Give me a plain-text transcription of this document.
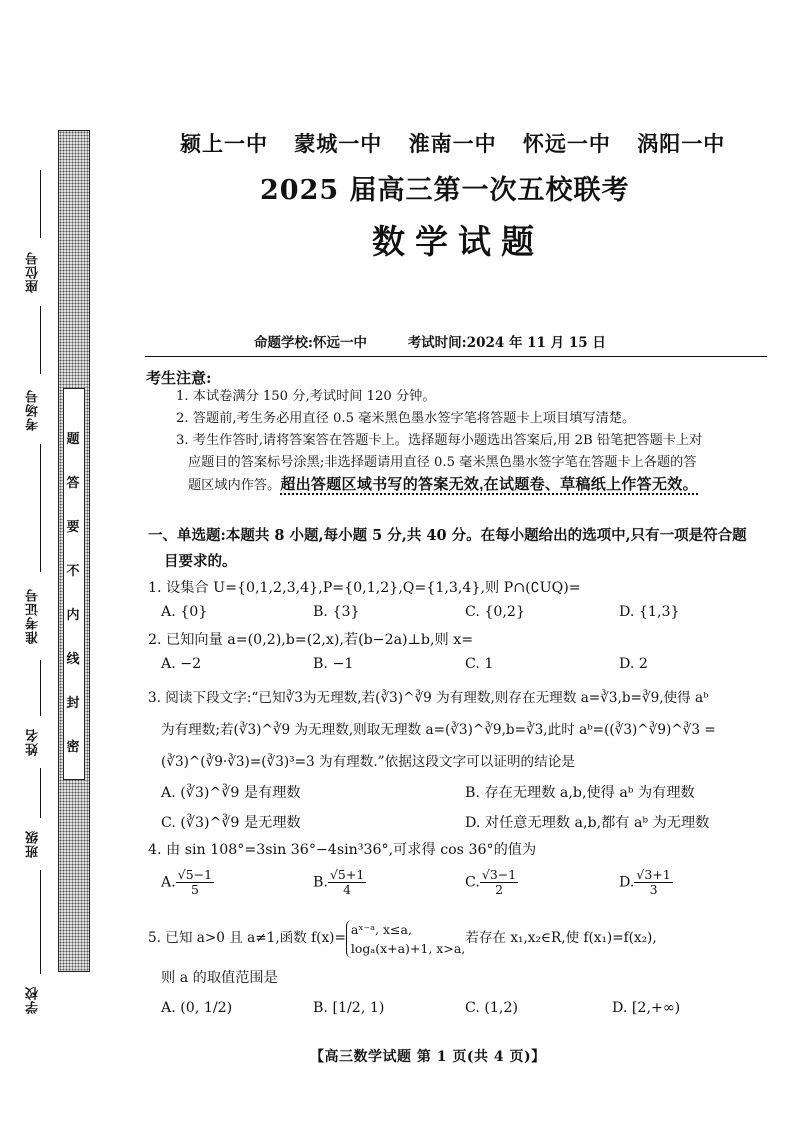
题
答
要
不
内
线
封
密
座位号
考场号
准考证号
姓名
班级
学校
颍上一中 蒙城一中 淮南一中 怀远一中 涡阳一中
2025 届高三第一次五校联考
数学试题
命题学校:怀远一中	考试时间:2024 年 11 月 15 日
考生注意:
1. 本试卷满分 150 分,考试时间 120 分钟。
2. 答题前,考生务必用直径 0.5 毫米黑色墨水签字笔将答题卡上项目填写清楚。
3. 考生作答时,请将答案答在答题卡上。选择题每小题选出答案后,用 2B 铅笔把答题卡上对
应题目的答案标号涂黑;非选择题请用直径 0.5 毫米黑色墨水签字笔在答题卡上各题的答
题区域内作答。超出答题区域书写的答案无效,在试题卷、草稿纸上作答无效。
一、单选题:本题共 8 小题,每小题 5 分,共 40 分。在每小题给出的选项中,只有一项是符合题
目要求的。
1. 设集合 U={0,1,2,3,4},P={0,1,2},Q={1,3,4},则 P∩(∁UQ)=
A. {0}	B. {3}	C. {0,2}	D. {1,3}
2. 已知向量 a=(0,2),b=(2,x),若(b−2a)⊥b,则 x=
A. −2	B. −1	C. 1	D. 2
3. 阅读下段文字:“已知∛3为无理数,若(∛3)^∛9 为有理数,则存在无理数 a=∛3,b=∛9,使得 aᵇ
为有理数;若(∛3)^∛9 为无理数,则取无理数 a=(∛3)^∛9,b=∛3,此时 aᵇ=((∛3)^∛9)^∛3 =
(∛3)^(∛9·∛3)=(∛3)³=3 为有理数.”依据这段文字可以证明的结论是
A. (∛3)^∛9 是有理数	B. 存在无理数 a,b,使得 aᵇ 为有理数
C. (∛3)^∛9 是无理数	D. 对任意无理数 a,b,都有 aᵇ 为无理数
4. 由 sin 108°=3sin 36°−4sin³36°,可求得 cos 36°的值为
A. $\frac{√5-1}{5}$	B. $\frac{√5+1}{4}$	C. $\frac{√3-1}{2}$	D. $\frac{√3+1}{3}$
5. 已知 a>0 且 a≠1,函数 f(x)=
aˣ⁻ᵃ, x≤a,
logₐ(x+a)+1, x>a,
若存在 x₁,x₂∈R,使 f(x₁)=f(x₂),
则 a 的取值范围是
A. (0, 1/2)	B. [1/2, 1)	C. (1,2)	D. [2,+∞)
【高三数学试题 第 1 页(共 4 页)】
